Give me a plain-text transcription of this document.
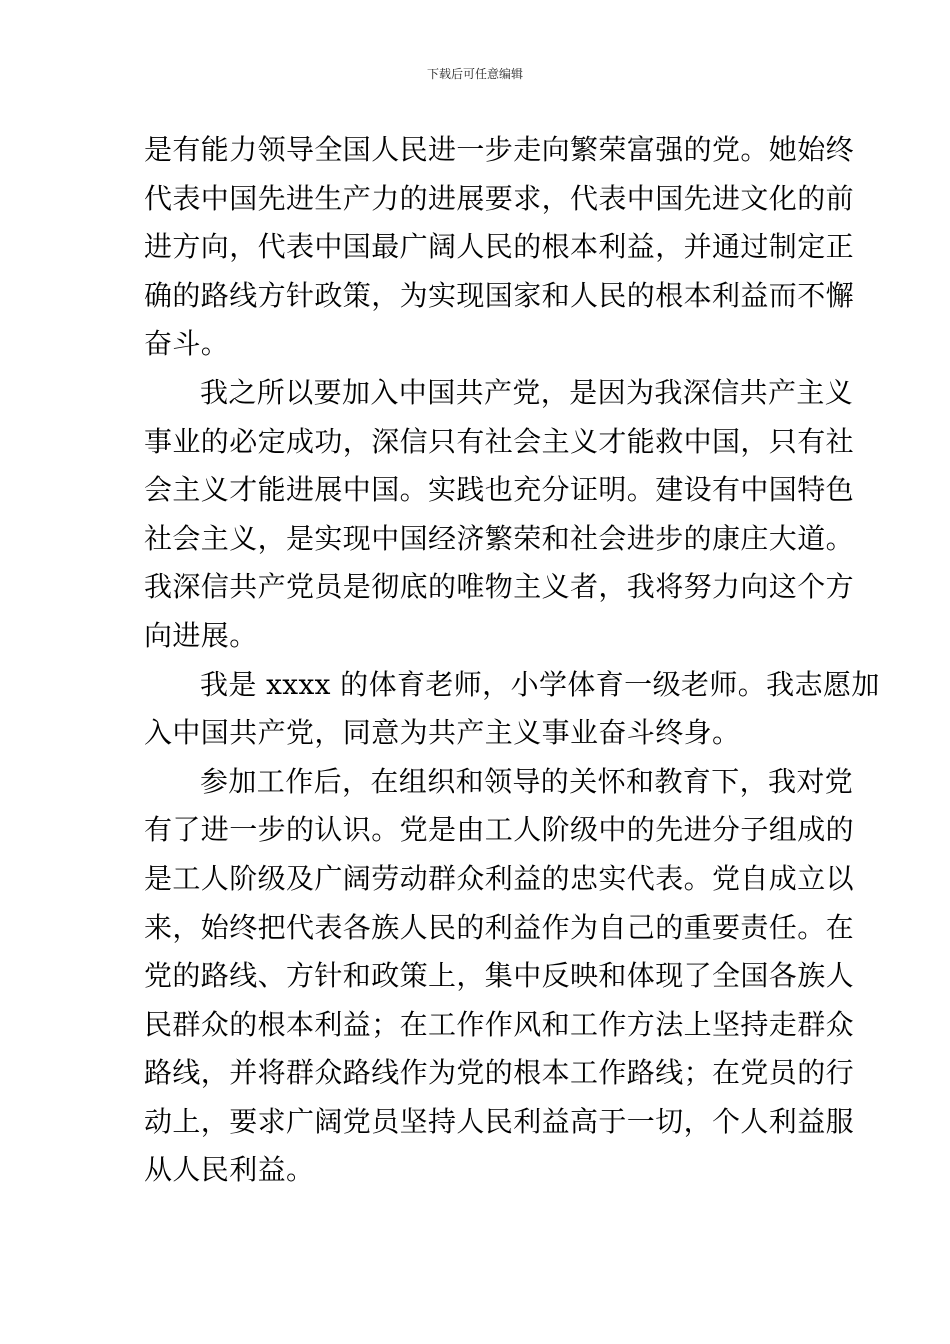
下载后可任意编辑
是有能力领导全国人民进一步走向繁荣富强的党。她始终
代表中国先进生产力的进展要求，代表中国先进文化的前
进方向，代表中国最广阔人民的根本利益，并通过制定正
确的路线方针政策，为实现国家和人民的根本利益而不懈
奋斗。
我之所以要加入中国共产党，是因为我深信共产主义
事业的必定成功，深信只有社会主义才能救中国，只有社
会主义才能进展中国。实践也充分证明。建设有中国特色
社会主义，是实现中国经济繁荣和社会进步的康庄大道。
我深信共产党员是彻底的唯物主义者，我将努力向这个方
向进展。
我是 xxxx 的体育老师，小学体育一级老师。我志愿加
入中国共产党，同意为共产主义事业奋斗终身。
参加工作后，在组织和领导的关怀和教育下，我对党
有了进一步的认识。党是由工人阶级中的先进分子组成的
是工人阶级及广阔劳动群众利益的忠实代表。党自成立以
来，始终把代表各族人民的利益作为自己的重要责任。在
党的路线、方针和政策上，集中反映和体现了全国各族人
民群众的根本利益；在工作作风和工作方法上坚持走群众
路线，并将群众路线作为党的根本工作路线；在党员的行
动上，要求广阔党员坚持人民利益高于一切，个人利益服
从人民利益。
